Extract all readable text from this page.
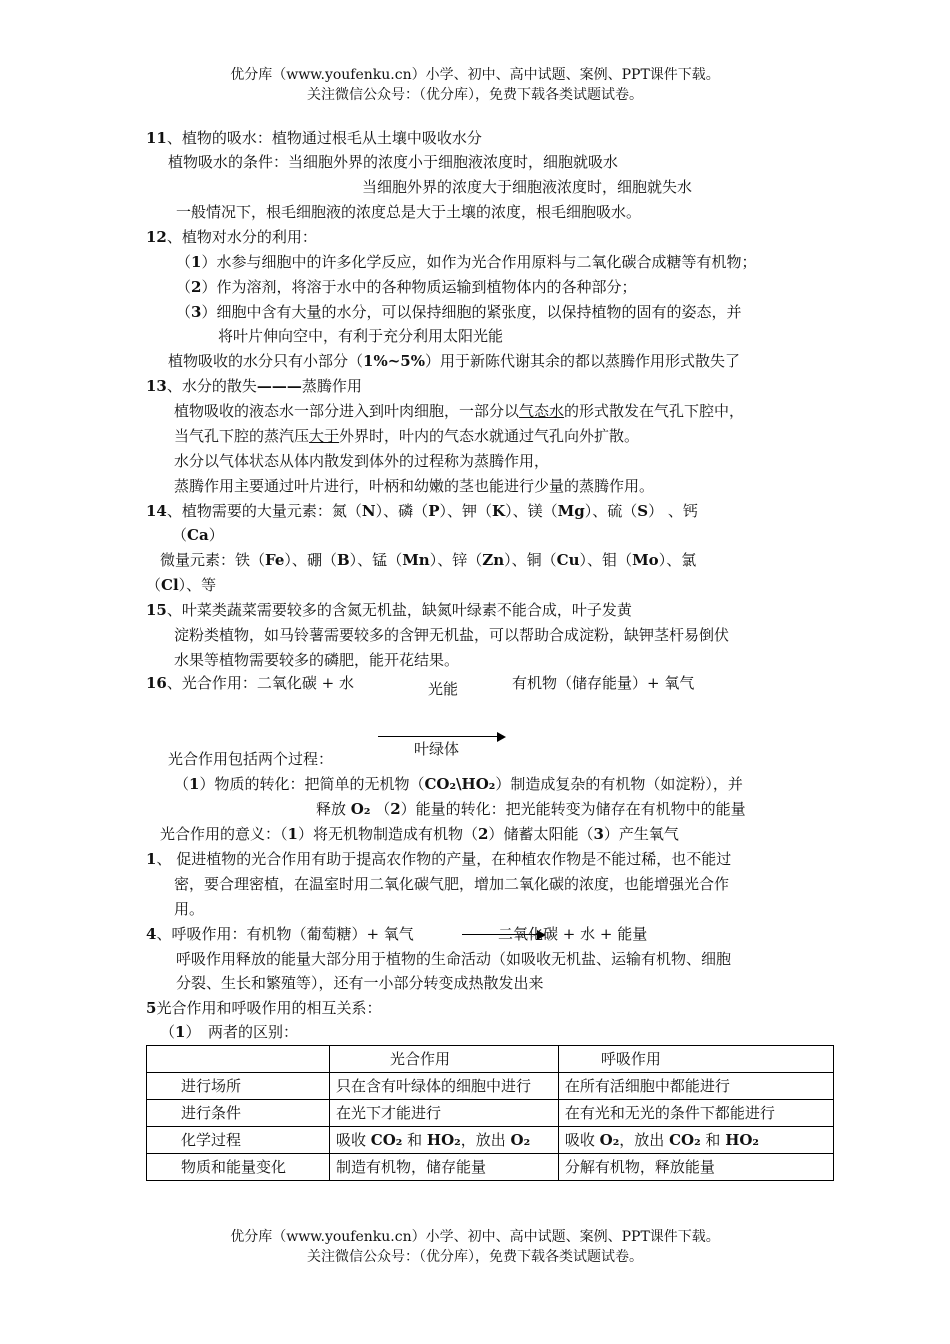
优分库（www.youfenku.cn）小学、初中、高中试题、案例、PPT课件下载。
关注微信公众号：（优分库），免费下载各类试题试卷。
11、植物的吸水：植物通过根毛从土壤中吸收水分
植物吸水的条件：当细胞外界的浓度小于细胞液浓度时，细胞就吸水
当细胞外界的浓度大于细胞液浓度时，细胞就失水
一般情况下，根毛细胞液的浓度总是大于土壤的浓度，根毛细胞吸水。
12、植物对水分的利用：
（1）水参与细胞中的许多化学反应，如作为光合作用原料与二氧化碳合成糖等有机物；
（2）作为溶剂，将溶于水中的各种物质运输到植物体内的各种部分；
（3）细胞中含有大量的水分，可以保持细胞的紧张度，以保持植物的固有的姿态，并
将叶片伸向空中，有利于充分利用太阳光能
植物吸收的水分只有小部分（1%~5%）用于新陈代谢其余的都以蒸腾作用形式散失了
13、水分的散失———蒸腾作用
植物吸收的液态水一部分进入到叶肉细胞，一部分以气态水的形式散发在气孔下腔中，
当气孔下腔的蒸汽压大于外界时，叶内的气态水就通过气孔向外扩散。
水分以气体状态从体内散发到体外的过程称为蒸腾作用，
蒸腾作用主要通过叶片进行，叶柄和幼嫩的茎也能进行少量的蒸腾作用。
14、植物需要的大量元素：氮（N）、磷（P）、钾（K）、镁（Mg）、硫（S） 、钙
（Ca）
微量元素：铁（Fe）、硼（B）、锰（Mn）、锌（Zn）、铜（Cu）、钼（Mo）、氯
（Cl）、等
15、叶菜类蔬菜需要较多的含氮无机盐，缺氮叶绿素不能合成，叶子发黄
淀粉类植物，如马铃薯需要较多的含钾无机盐，可以帮助合成淀粉，缺钾茎杆易倒伏
水果等植物需要较多的磷肥，能开花结果。
16、光合作用：二氧化碳 + 水	光能	有机物（储存能量）+ 氧气
叶绿体
光合作用包括两个过程：
（1）物质的转化：把简单的无机物（CO₂\HO₂）制造成复杂的有机物（如淀粉），并
释放 O₂ （2）能量的转化：把光能转变为储存在有机物中的能量
光合作用的意义：（1）将无机物制造成有机物（2）储蓄太阳能（3）产生氧气
1、 促进植物的光合作用有助于提高农作物的产量，在种植农作物是不能过稀，也不能过
密，要合理密植，在温室时用二氧化碳气肥，增加二氧化碳的浓度，也能增强光合作
用。
4、呼吸作用：有机物（葡萄糖）+ 氧气	二氧化碳 + 水 + 能量
呼吸作用释放的能量大部分用于植物的生命活动（如吸收无机盐、运输有机物、细胞
分裂、生长和繁殖等），还有一小部分转变成热散发出来
5光合作用和呼吸作用的相互关系：
（1）　两者的区别：
	光合作用	呼吸作用
进行场所	只在含有叶绿体的细胞中进行	在所有活细胞中都能进行
进行条件	在光下才能进行	在有光和无光的条件下都能进行
化学过程	吸收 CO₂ 和 HO₂，放出 O₂	吸收 O₂，放出 CO₂ 和 HO₂
物质和能量变化	制造有机物，储存能量	分解有机物，释放能量
优分库（www.youfenku.cn）小学、初中、高中试题、案例、PPT课件下载。
关注微信公众号：（优分库），免费下载各类试题试卷。
